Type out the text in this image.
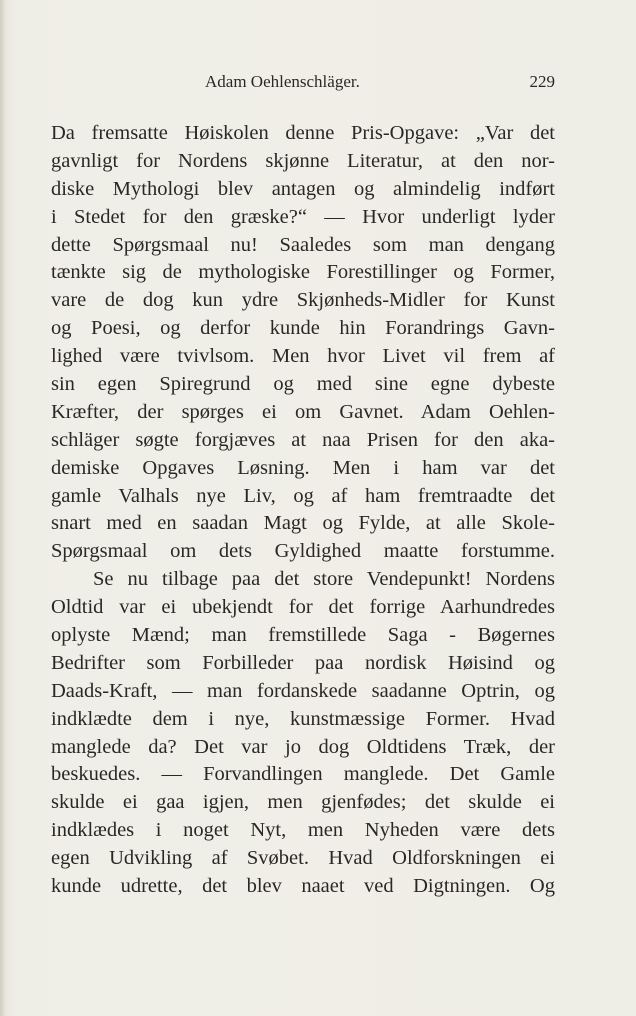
Adam Oehlenschläger.	229
Da fremsatte Høiskolen denne Pris-Opgave: „Var det
gavnligt for Nordens skjønne Literatur, at den nor-
diske Mythologi blev antagen og almindelig indført
i Stedet for den græske?“ — Hvor underligt lyder
dette Spørgsmaal nu! Saaledes som man dengang
tænkte sig de mythologiske Forestillinger og Former,
vare de dog kun ydre Skjønheds-Midler for Kunst
og Poesi, og derfor kunde hin Forandrings Gavn-
lighed være tvivlsom. Men hvor Livet vil frem af
sin egen Spiregrund og med sine egne dybeste
Kræfter, der spørges ei om Gavnet. Adam Oehlen-
schläger søgte forgjæves at naa Prisen for den aka-
demiske Opgaves Løsning. Men i ham var det
gamle Valhals nye Liv, og af ham fremtraadte det
snart med en saadan Magt og Fylde, at alle Skole-
Spørgsmaal om dets Gyldighed maatte forstumme.
Se nu tilbage paa det store Vendepunkt! Nordens
Oldtid var ei ubekjendt for det forrige Aarhundredes
oplyste Mænd; man fremstillede Saga - Bøgernes
Bedrifter som Forbilleder paa nordisk Høisind og
Daads-Kraft, — man fordanskede saadanne Optrin, og
indklædte dem i nye, kunstmæssige Former. Hvad
manglede da? Det var jo dog Oldtidens Træk, der
beskuedes. — Forvandlingen manglede. Det Gamle
skulde ei gaa igjen, men gjenfødes; det skulde ei
indklædes i noget Nyt, men Nyheden være dets
egen Udvikling af Svøbet. Hvad Oldforskningen ei
kunde udrette, det blev naaet ved Digtningen. Og
